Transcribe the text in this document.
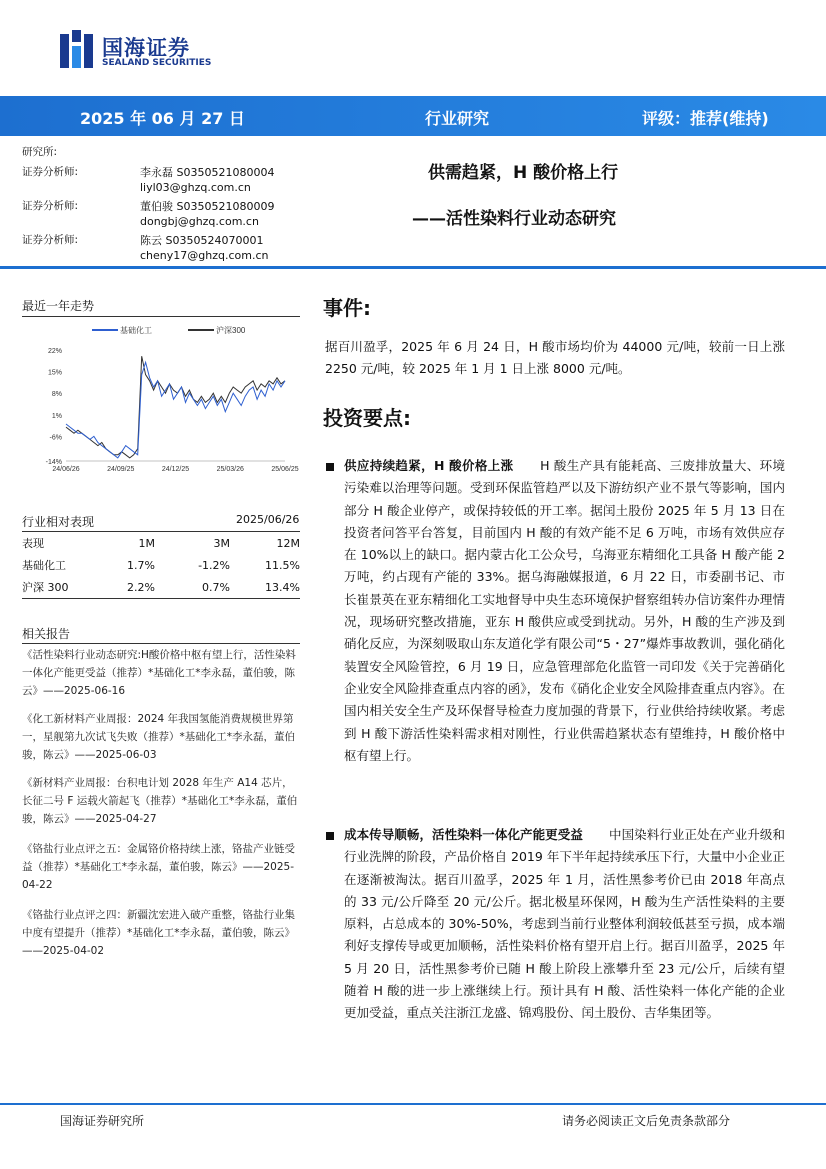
国海证券
SEALAND SECURITIES
2025 年 06 月 27 日	行业研究	评级：推荐(维持)
研究所:
证券分析师:	李永磊 S0350521080004
liyl03@ghzq.com.cn
证券分析师:	董伯骏 S0350521080009
dongbj@ghzq.com.cn
证券分析师:	陈云 S0350524070001
cheny17@ghzq.com.cn
供需趋紧，H 酸价格上行
——活性染料行业动态研究
最近一年走势
基础化工	沪深300
22%
15%
8%
1%
-6%
-14%
24/06/26	24/09/25	24/12/25	25/03/26	25/06/25
行业相对表现	2025/06/26
表现	1M	3M	12M
基础化工	1.7%	-1.2%	11.5%
沪深 300	2.2%	0.7%	13.4%
相关报告
《活性染料行业动态研究:H酸价格中枢有望上行，活性染料一体化产能更受益（推荐）*基础化工*李永磊，董伯骏，陈云》——2025-06-16
《化工新材料产业周报：2024 年我国氢能消费规模世界第一，星舰第九次试飞失败（推荐）*基础化工*李永磊，董伯骏，陈云》——2025-06-03
《新材料产业周报：台积电计划 2028 年生产 A14 芯片，长征二号 F 运载火箭起飞（推荐）*基础化工*李永磊，董伯骏，陈云》——2025-04-27
《铬盐行业点评之五：金属铬价格持续上涨，铬盐产业链受益（推荐）*基础化工*李永磊，董伯骏，陈云》——2025-04-22
《铬盐行业点评之四：新疆沈宏进入破产重整，铬盐行业集中度有望提升（推荐）*基础化工*李永磊，董伯骏，陈云》——2025-04-02
事件:
据百川盈孚，2025 年 6 月 24 日，H 酸市场均价为 44000 元/吨，较前一日上涨 2250 元/吨，较 2025 年 1 月 1 日上涨 8000 元/吨。
投资要点:
供应持续趋紧，H 酸价格上涨 H 酸生产具有能耗高、三废排放量大、环境污染难以治理等问题。受到环保监管趋严以及下游纺织产业不景气等影响，国内部分 H 酸企业停产，或保持较低的开工率。据闰土股份 2025 年 5 月 13 日在投资者问答平台答复，目前国内 H 酸的有效产能不足 6 万吨，市场有效供应存在 10%以上的缺口。据内蒙古化工公众号，乌海亚东精细化工具备 H 酸产能 2 万吨，约占现有产能的 33%。据乌海融媒报道，6 月 22 日，市委副书记、市长崔景英在亚东精细化工实地督导中央生态环境保护督察组转办信访案件办理情况，现场研究整改措施，亚东 H 酸供应或受到扰动。另外，H 酸的生产涉及到硝化反应，为深刻吸取山东友道化学有限公司“5・27”爆炸事故教训，强化硝化装置安全风险管控，6 月 19 日，应急管理部危化监管一司印发《关于完善硝化企业安全风险排查重点内容的函》，发布《硝化企业安全风险排查重点内容》。在国内相关安全生产及环保督导检查力度加强的背景下，行业供给持续收紧。考虑到 H 酸下游活性染料需求相对刚性，行业供需趋紧状态有望维持，H 酸价格中枢有望上行。
成本传导顺畅，活性染料一体化产能更受益 中国染料行业正处在产业升级和行业洗牌的阶段，产品价格自 2019 年下半年起持续承压下行，大量中小企业正在逐渐被淘汰。据百川盈孚，2025 年 1 月，活性黑参考价已由 2018 年高点的 33 元/公斤降至 20 元/公斤。据北极星环保网，H 酸为生产活性染料的主要原料，占总成本的 30%-50%，考虑到当前行业整体利润较低甚至亏损，成本端利好支撑传导或更加顺畅，活性染料价格有望开启上行。据百川盈孚，2025 年 5 月 20 日，活性黑参考价已随 H 酸上阶段上涨攀升至 23 元/公斤，后续有望随着 H 酸的进一步上涨继续上行。预计具有 H 酸、活性染料一体化产能的企业更加受益，重点关注浙江龙盛、锦鸡股份、闰土股份、吉华集团等。
国海证券研究所	请务必阅读正文后免责条款部分
